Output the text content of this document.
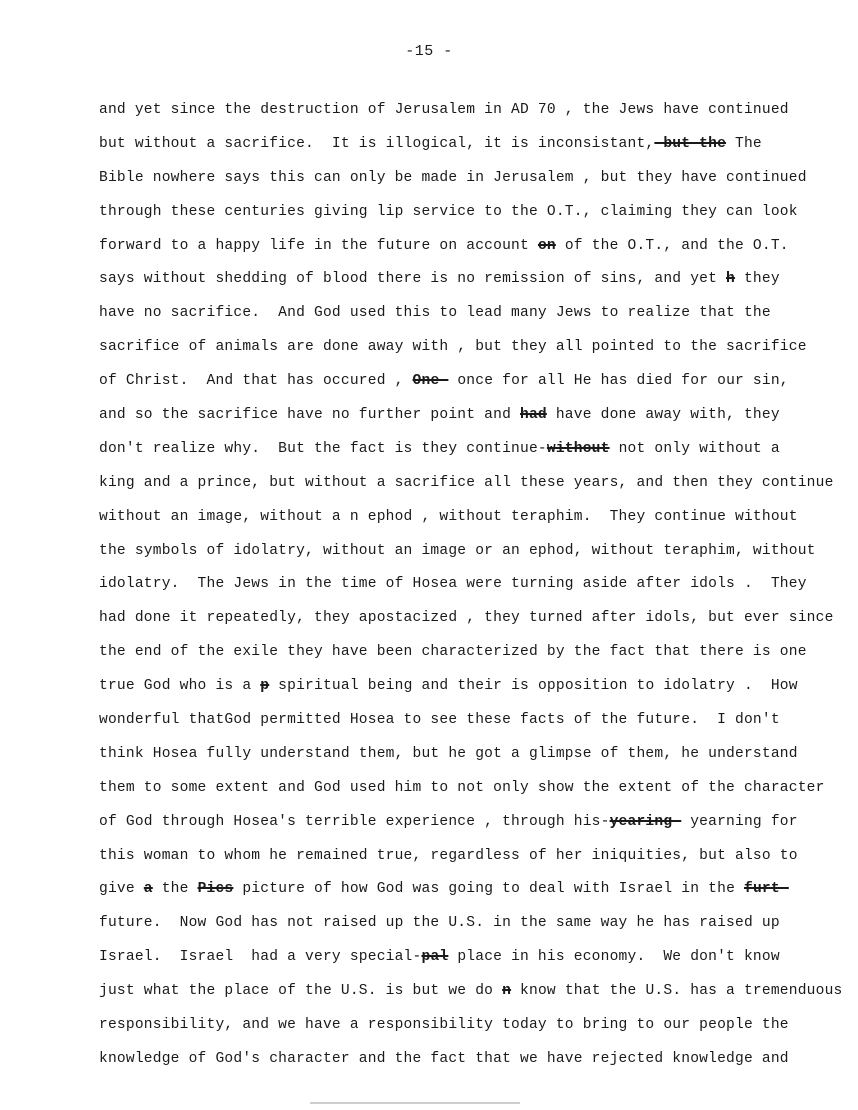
-15 -
and yet since the destruction of Jerusalem in AD 70 , the Jews have continued
but without a sacrifice.  It is illogical, it is inconsistant,-but-the The
Bible nowhere says this can only be made in Jerusalem , but they have continued
through these centuries giving lip service to the O.T., claiming they can look
forward to a happy life in the future on account on of the O.T., and the O.T.
says without shedding of blood there is no remission of sins, and yet h they
have no sacrifice.  And God used this to lead many Jews to realize that the
sacrifice of animals are done away with , but they all pointed to the sacrifice
of Christ.  And that has occured , One- once for all He has died for our sin,
and so the sacrifice have no further point and had have done away with, they
don't realize why.  But the fact is they continue-without not only without a
king and a prince, but without a sacrifice all these years, and then they continue
without an image, without a n ephod , without teraphim.  They continue without
the symbols of idolatry, without an image or an ephod, without teraphim, without
idolatry.  The Jews in the time of Hosea were turning aside after idols .  They
had done it repeatedly, they apostacized , they turned after idols, but ever since
the end of the exile they have been characterized by the fact that there is one
true God who is a p spiritual being and their is opposition to idolatry .  How
wonderful thatGod permitted Hosea to see these facts of the future.  I don't
think Hosea fully understand them, but he got a glimpse of them, he understand
them to some extent and God used him to not only show the extent of the character
of God through Hosea's terrible experience , through his-yearing- yearning for
this woman to whom he remained true, regardless of her iniquities, but also to
give a the Pics picture of how God was going to deal with Israel in the furt-
future.  Now God has not raised up the U.S. in the same way he has raised up
Israel.  Israel  had a very special-pal place in his economy.  We don't know
just what the place of the U.S. is but we do n know that the U.S. has a tremenduous
responsibility, and we have a responsibility today to bring to our people the
knowledge of God's character and the fact that we have rejected knowledge and
